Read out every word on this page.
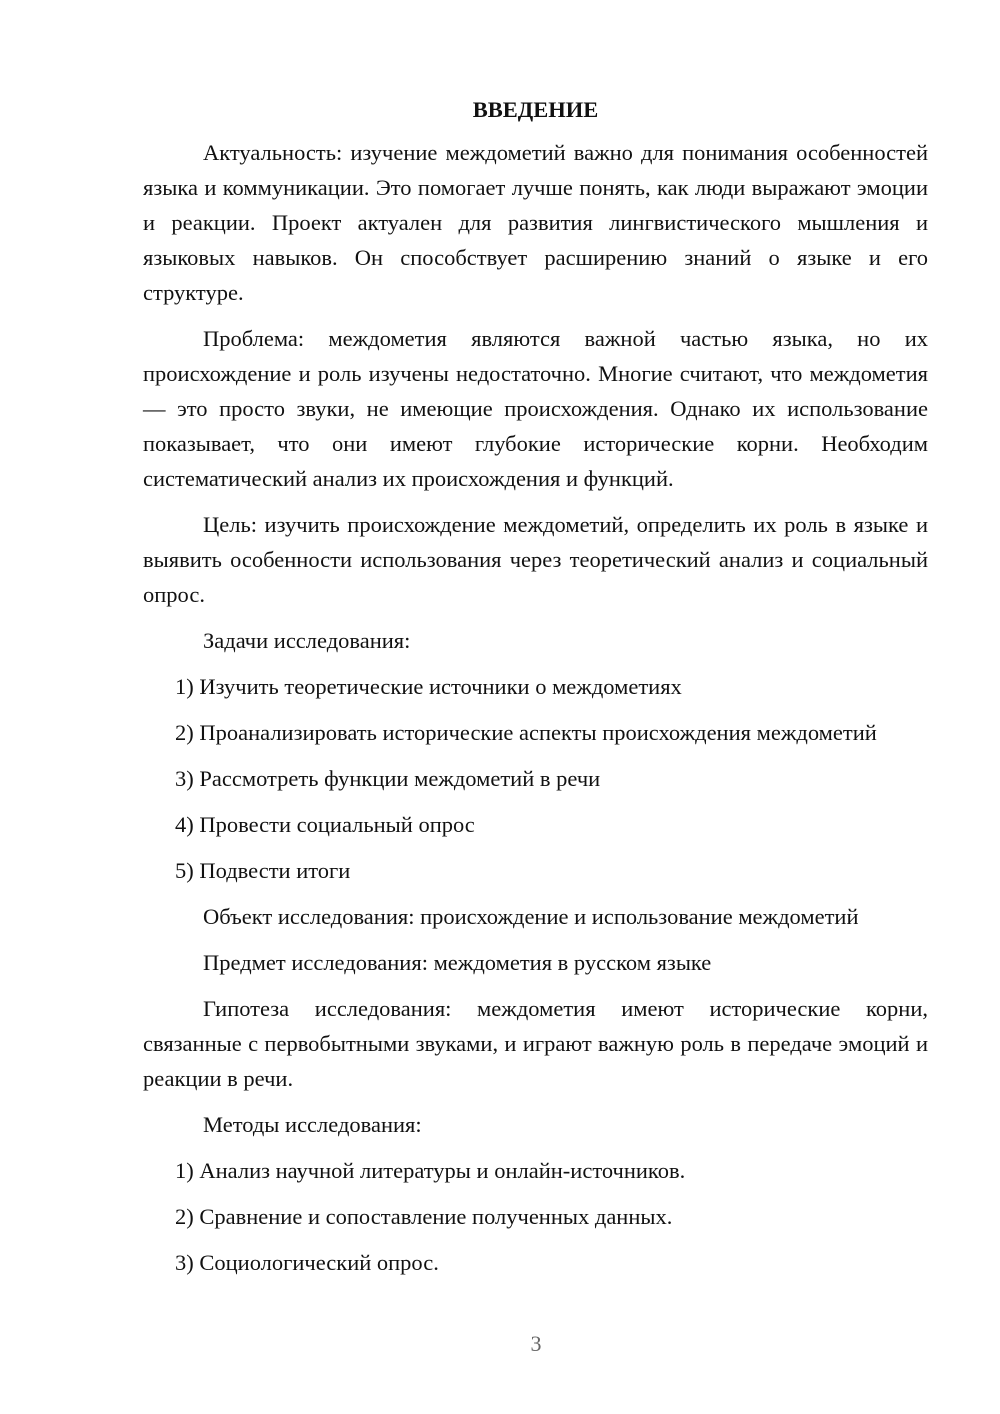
ВВЕДЕНИЕ

Актуальность: изучение междометий важно для понимания особенностей языка и коммуникации. Это помогает лучше понять, как люди выражают эмоции и реакции. Проект актуален для развития лингвистического мышления и языковых навыков. Он способствует расширению знаний о языке и его структуре.

Проблема: междометия являются важной частью языка, но их происхождение и роль изучены недостаточно. Многие считают, что междометия — это просто звуки, не имеющие происхождения. Однако их использование показывает, что они имеют глубокие исторические корни. Необходим систематический анализ их происхождения и функций.

Цель: изучить происхождение междометий, определить их роль в языке и выявить особенности использования через теоретический анализ и социальный опрос.

Задачи исследования:

1) Изучить теоретические источники о междометиях

2) Проанализировать исторические аспекты происхождения междометий

3) Рассмотреть функции междометий в речи

4) Провести социальный опрос

5) Подвести итоги

Объект исследования: происхождение и использование междометий

Предмет исследования: междометия в русском языке

Гипотеза исследования: междометия имеют исторические корни, связанные с первобытными звуками, и играют важную роль в передаче эмоций и реакции в речи.

Методы исследования:

1) Анализ научной литературы и онлайн-источников.

2) Сравнение и сопоставление полученных данных.

3) Социологический опрос.

3
